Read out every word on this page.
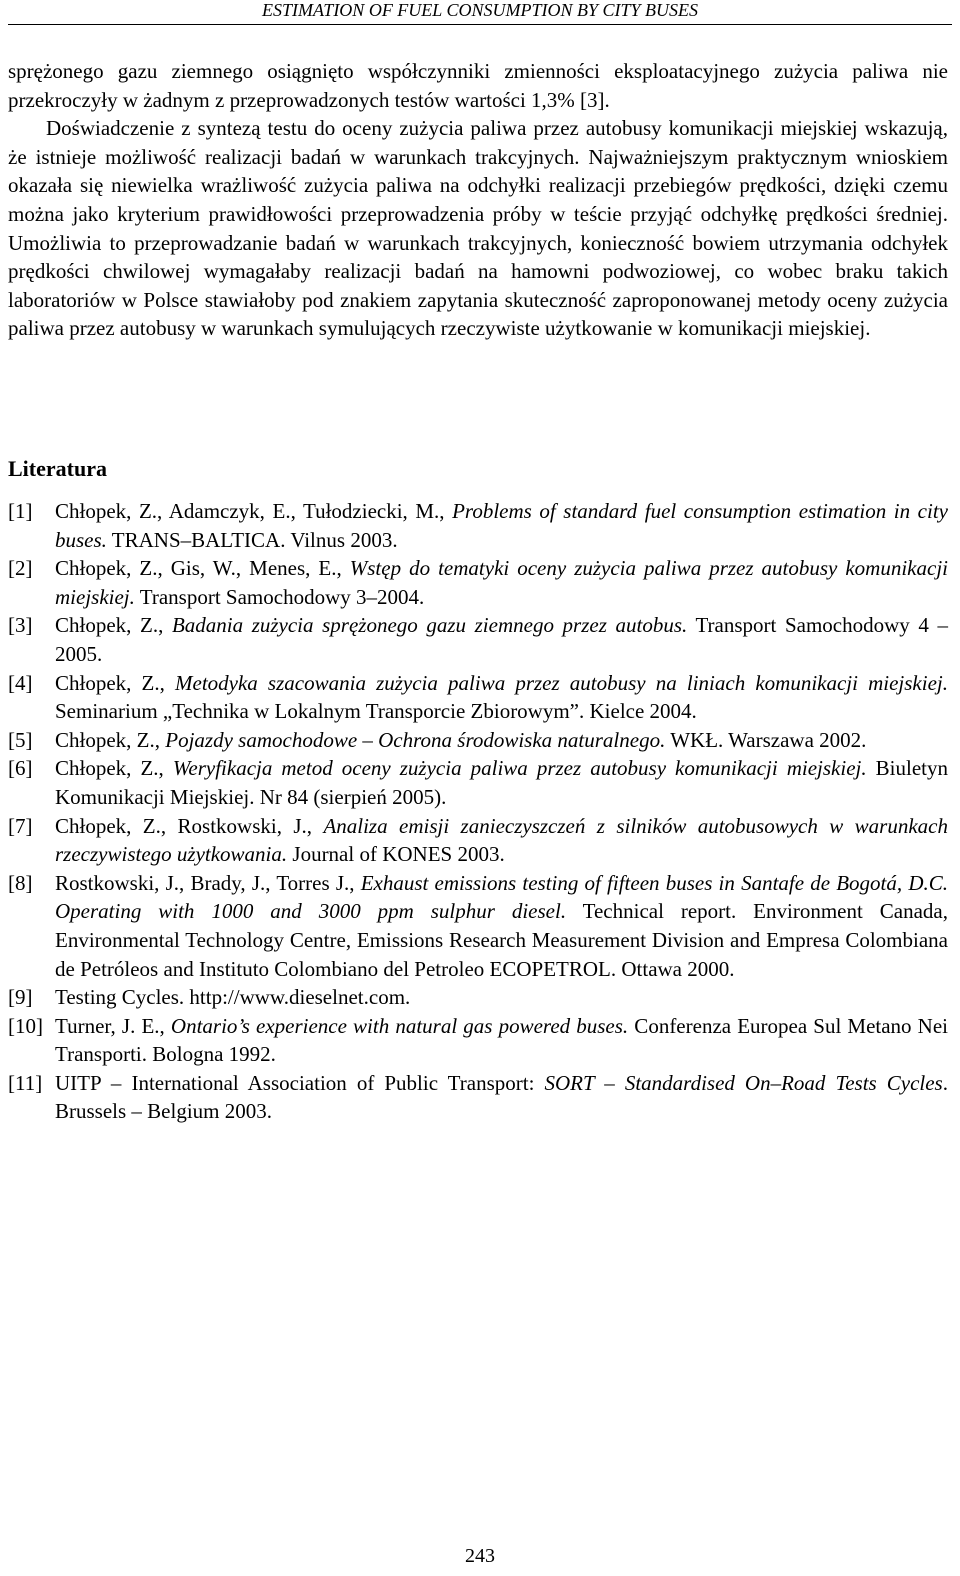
ESTIMATION OF FUEL CONSUMPTION BY CITY BUSES

sprężonego gazu ziemnego osiągnięto współczynniki zmienności eksploatacyjnego zużycia paliwa nie przekroczyły w żadnym z przeprowadzonych testów wartości 1,3% [3].
Doświadczenie z syntezą testu do oceny zużycia paliwa przez autobusy komunikacji miejskiej wskazują, że istnieje możliwość realizacji badań w warunkach trakcyjnych. Najważniejszym praktycznym wnioskiem okazała się niewielka wrażliwość zużycia paliwa na odchyłki realizacji przebiegów prędkości, dzięki czemu można jako kryterium prawidłowości przeprowadzenia próby w teście przyjąć odchyłkę prędkości średniej. Umożliwia to przeprowadzanie badań w warunkach trakcyjnych, konieczność bowiem utrzymania odchyłek prędkości chwilowej wymagałaby realizacji badań na hamowni podwoziowej, co wobec braku takich laboratoriów w Polsce stawiałoby pod znakiem zapytania skuteczność zaproponowanej metody oceny zużycia paliwa przez autobusy w warunkach symulujących rzeczywiste użytkowanie w komunikacji miejskiej.

Literatura
[1] Chłopek, Z., Adamczyk, E., Tułodziecki, M., Problems of standard fuel consumption estimation in city buses. TRANS–BALTICA. Vilnus 2003.
[2] Chłopek, Z., Gis, W., Menes, E., Wstęp do tematyki oceny zużycia paliwa przez autobusy komunikacji miejskiej. Transport Samochodowy 3–2004.
[3] Chłopek, Z., Badania zużycia sprężonego gazu ziemnego przez autobus. Transport Samochodowy 4 – 2005.
[4] Chłopek, Z., Metodyka szacowania zużycia paliwa przez autobusy na liniach komunikacji miejskiej. Seminarium „Technika w Lokalnym Transporcie Zbiorowym”. Kielce 2004.
[5] Chłopek, Z., Pojazdy samochodowe – Ochrona środowiska naturalnego. WKŁ. Warszawa 2002.
[6] Chłopek, Z., Weryfikacja metod oceny zużycia paliwa przez autobusy komunikacji miejskiej. Biuletyn Komunikacji Miejskiej. Nr 84 (sierpień 2005).
[7] Chłopek, Z., Rostkowski, J., Analiza emisji zanieczyszczeń z silników autobusowych w warunkach rzeczywistego użytkowania. Journal of KONES 2003.
[8] Rostkowski, J., Brady, J., Torres J., Exhaust emissions testing of fifteen buses in Santafe de Bogotá, D.C. Operating with 1000 and 3000 ppm sulphur diesel. Technical report. Environment Canada, Environmental Technology Centre, Emissions Research Measurement Division and Empresa Colombiana de Petróleos and Instituto Colombiano del Petroleo ECOPETROL. Ottawa 2000.
[9] Testing Cycles. http://www.dieselnet.com.
[10] Turner, J. E., Ontario’s experience with natural gas powered buses. Conferenza Europea Sul Metano Nei Transporti. Bologna 1992.
[11] UITP – International Association of Public Transport: SORT – Standardised On–Road Tests Cycles. Brussels – Belgium 2003.
243
